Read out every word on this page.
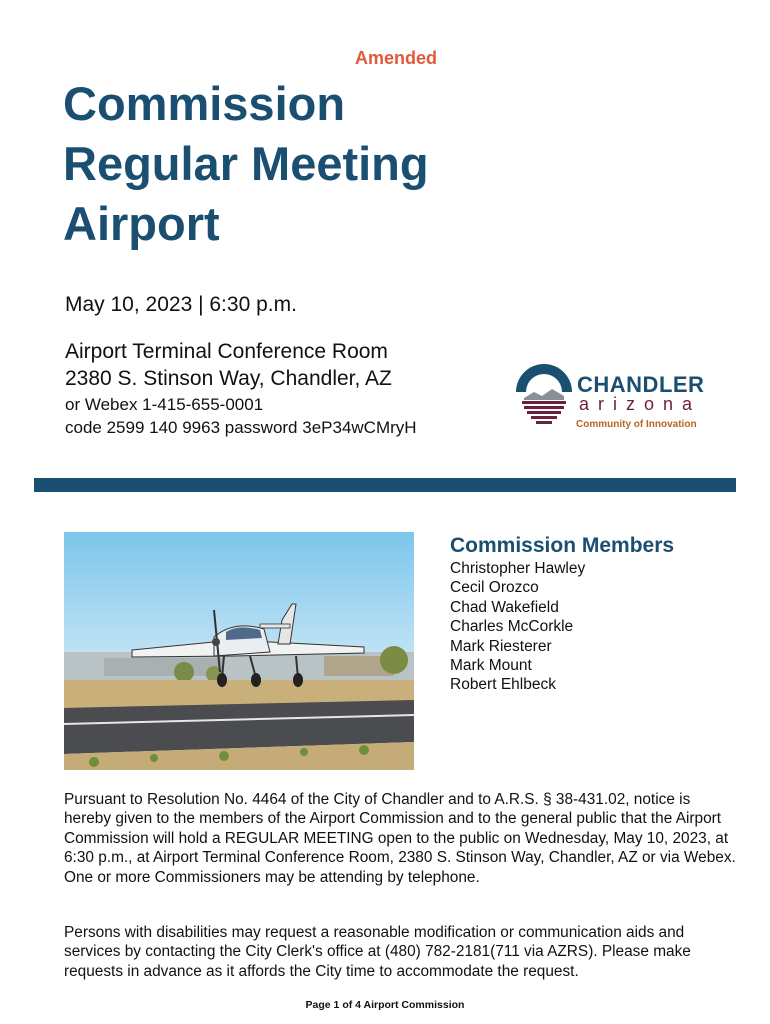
Amended
Commission
Regular Meeting
Airport
May 10, 2023 | 6:30 p.m.
Airport Terminal Conference Room
2380 S. Stinson Way, Chandler, AZ
or Webex 1-415-655-0001
code 2599 140 9963 password 3eP34wCMryH
CHANDLER
arizona
Community of Innovation
Commission Members
Christopher Hawley
Cecil Orozco
Chad Wakefield
Charles McCorkle
Mark Riesterer
Mark Mount
Robert Ehlbeck

Pursuant to Resolution No. 4464 of the City of Chandler and to A.R.S. § 38-431.02, notice is hereby given to the members of the Airport Commission and to the general public that the Airport Commission will hold a REGULAR MEETING open to the public on Wednesday, May 10, 2023, at 6:30 p.m., at Airport Terminal Conference Room, 2380 S. Stinson Way, Chandler, AZ or via Webex. One or more Commissioners may be attending by telephone.

Persons with disabilities may request a reasonable modification or communication aids and services by contacting the City Clerk's office at (480) 782-2181(711 via AZRS). Please make requests in advance as it affords the City time to accommodate the request.

Page 1 of 4 Airport Commission
